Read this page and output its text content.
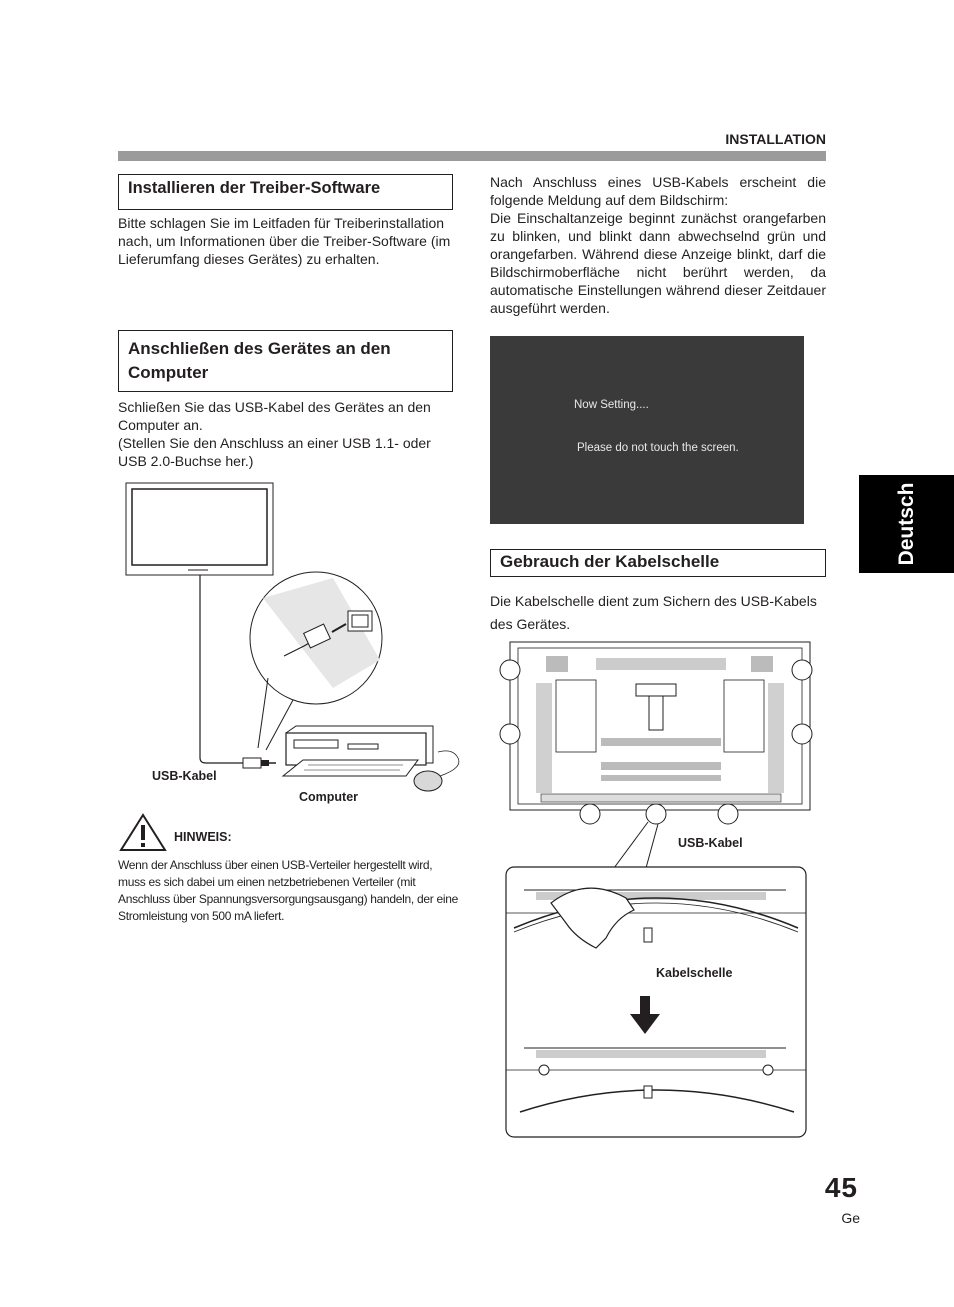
INSTALLATION
Deutsch
Installieren der Treiber-Software
Bitte schlagen Sie im Leitfaden für Treiberinstallation nach, um Informationen über die Treiber-Software (im Lieferumfang dieses Gerätes) zu erhalten.
Anschließen des Gerätes an den Computer
Schließen Sie das USB-Kabel des Gerätes an den Computer an.
(Stellen Sie den Anschluss an einer USB 1.1- oder USB 2.0-Buchse her.)
USB-Kabel
Computer
HINWEIS:
Wenn der Anschluss über einen USB-Verteiler hergestellt wird, muss es sich dabei um einen netzbetriebenen Verteiler (mit Anschluss über Spannungsversorgungsausgang) handeln, der eine Stromleistung von 500 mA liefert.
Nach Anschluss eines USB-Kabels erscheint die folgende Meldung auf dem Bildschirm:
Die Einschaltanzeige beginnt zunächst orangefarben zu blinken, und blinkt dann abwechselnd grün und orangefarben. Während diese Anzeige blinkt, darf die Bildschirmoberfläche nicht berührt werden, da automatische Einstellungen während dieser Zeitdauer ausgeführt werden.
Now Setting....
Please do not touch the screen.
Gebrauch der Kabelschelle
Die Kabelschelle dient zum Sichern des USB-Kabels des Gerätes.
USB-Kabel
Kabelschelle
45
Ge
